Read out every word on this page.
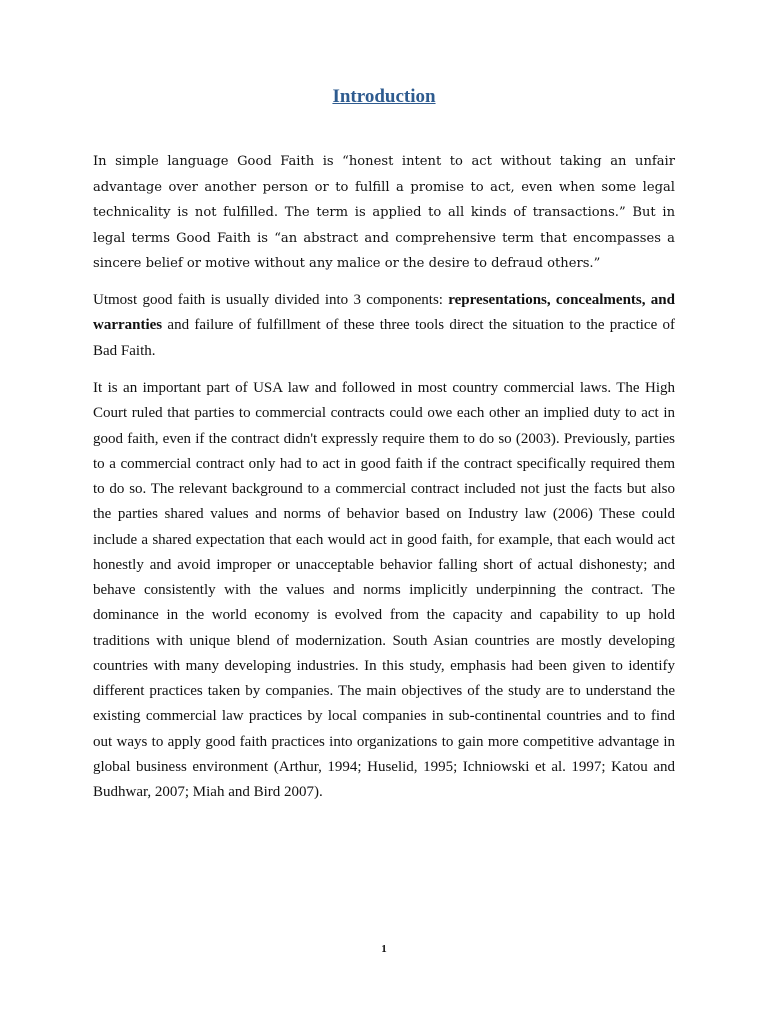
Introduction

In simple language Good Faith is “honest intent to act without taking an unfair advantage over another person or to fulfill a promise to act, even when some legal technicality is not fulfilled. The term is applied to all kinds of transactions.” But in legal terms Good Faith is “an abstract and comprehensive term that encompasses a sincere belief or motive without any malice or the desire to defraud others.”

Utmost good faith is usually divided into 3 components: representations, concealments, and warranties and failure of fulfillment of these three tools direct the situation to the practice of Bad Faith.

It is an important part of USA law and followed in most country commercial laws. The High Court ruled that parties to commercial contracts could owe each other an implied duty to act in good faith, even if the contract didn't expressly require them to do so (2003). Previously, parties to a commercial contract only had to act in good faith if the contract specifically required them to do so. The relevant background to a commercial contract included not just the facts but also the parties shared values and norms of behavior based on Industry law (2006) These could include a shared expectation that each would act in good faith, for example, that each would act honestly and avoid improper or unacceptable behavior falling short of actual dishonesty; and behave consistently with the values and norms implicitly underpinning the contract. The dominance in the world economy is evolved from the capacity and capability to up hold traditions with unique blend of modernization. South Asian countries are mostly developing countries with many developing industries. In this study, emphasis had been given to identify different practices taken by companies. The main objectives of the study are to understand the existing commercial law practices by local companies in sub-continental countries and to find out ways to apply good faith practices into organizations to gain more competitive advantage in global business environment (Arthur, 1994; Huselid, 1995; Ichniowski et al. 1997; Katou and Budhwar, 2007; Miah and Bird 2007).

1
